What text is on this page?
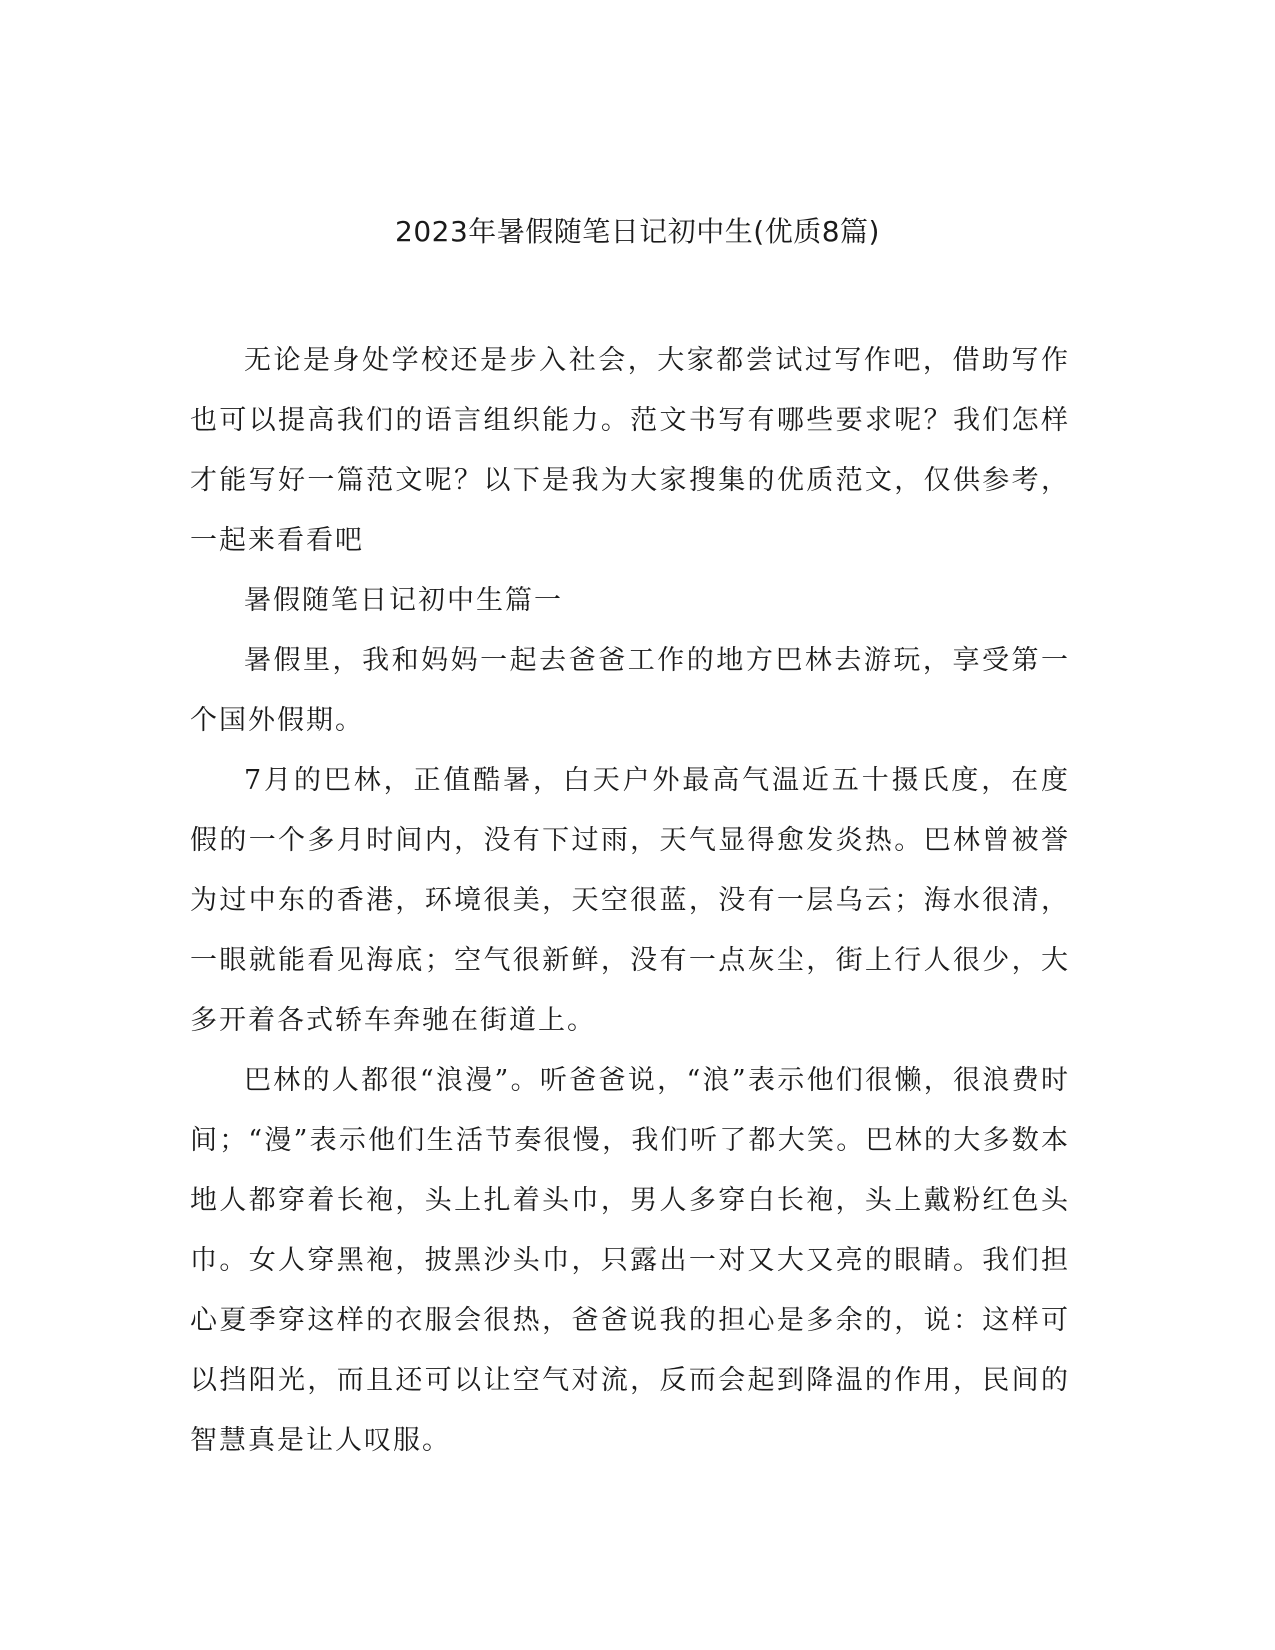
2023年暑假随笔日记初中生(优质8篇)

无论是身处学校还是步入社会，大家都尝试过写作吧，借助写作也可以提高我们的语言组织能力。范文书写有哪些要求呢？我们怎样才能写好一篇范文呢？以下是我为大家搜集的优质范文，仅供参考，一起来看看吧

暑假随笔日记初中生篇一

暑假里，我和妈妈一起去爸爸工作的地方巴林去游玩，享受第一个国外假期。

7月的巴林，正值酷暑，白天户外最高气温近五十摄氏度，在度假的一个多月时间内，没有下过雨，天气显得愈发炎热。巴林曾被誉为过中东的香港，环境很美，天空很蓝，没有一层乌云；海水很清，一眼就能看见海底；空气很新鲜，没有一点灰尘，街上行人很少，大多开着各式轿车奔驰在街道上。

巴林的人都很“浪漫”。听爸爸说，“浪”表示他们很懒，很浪费时间；“漫”表示他们生活节奏很慢，我们听了都大笑。巴林的大多数本地人都穿着长袍，头上扎着头巾，男人多穿白长袍，头上戴粉红色头巾。女人穿黑袍，披黑沙头巾，只露出一对又大又亮的眼睛。我们担心夏季穿这样的衣服会很热，爸爸说我的担心是多余的，说：这样可以挡阳光，而且还可以让空气对流，反而会起到降温的作用，民间的智慧真是让人叹服。
